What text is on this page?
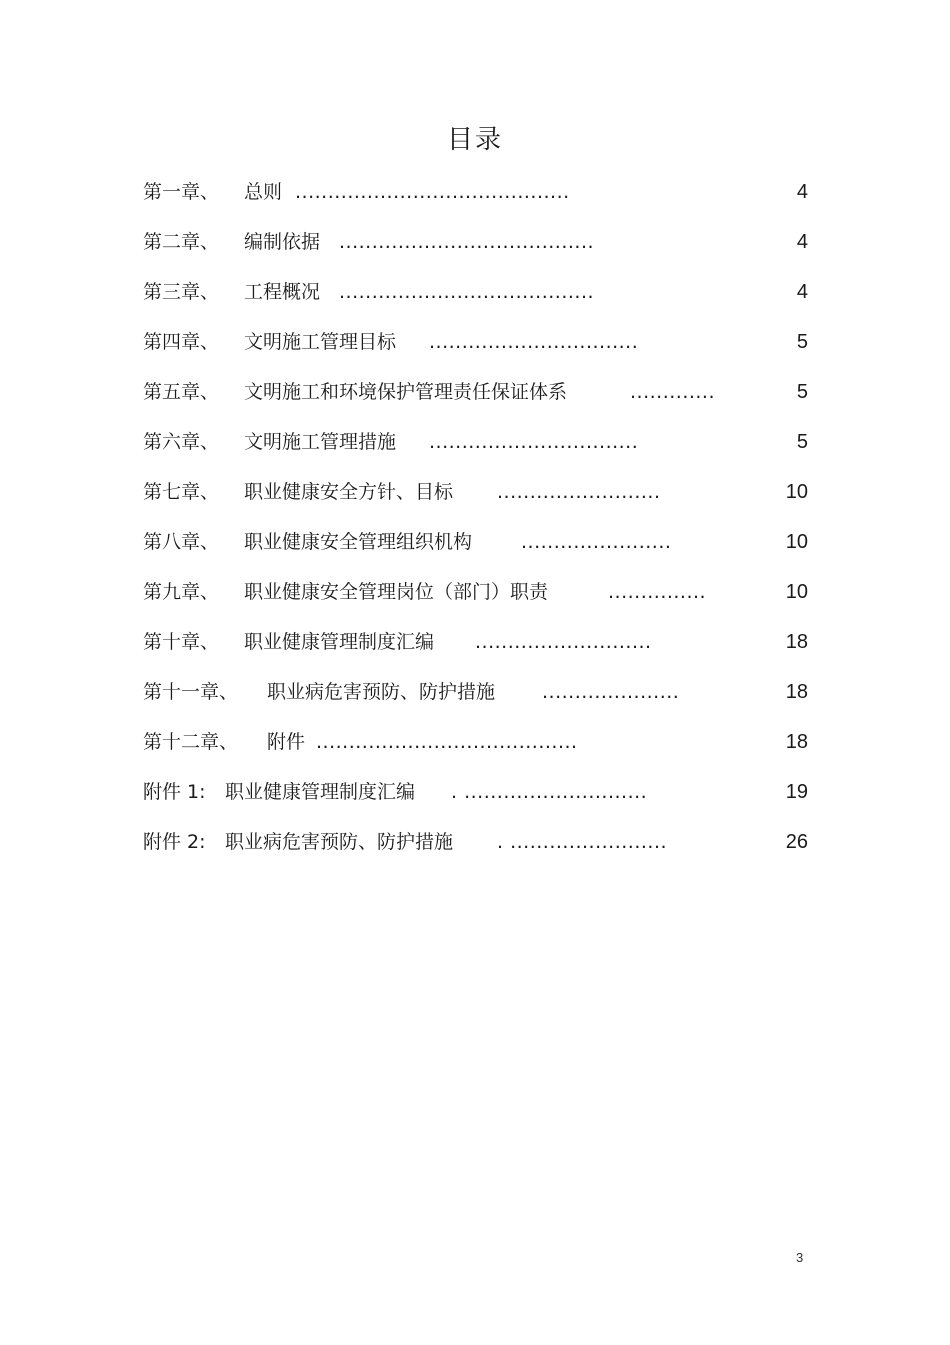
目录
第一章、 总则 ..........................................	4
第二章、 编制依据 .......................................	4
第三章、 工程概况 .......................................	4
第四章、 文明施工管理目标 ................................	5
第五章、 文明施工和环境保护管理责任保证体系	.............	5
第六章、 文明施工管理措施 ................................	5
第七章、 职业健康安全方针、目标 .........................	10
第八章、 职业健康安全管理组织机构	.......................	10
第九章、 职业健康安全管理岗位（部门）职责	...............	10
第十章、 职业健康管理制度汇编 ...........................	18
第十一章、 职业病危害预防、防护措施 .....................	18
第十二章、 附件 ........................................	18
附件 1: 职业健康管理制度汇编 . ............................	19
附件 2: 职业病危害预防、防护措施 . ........................	26
3
